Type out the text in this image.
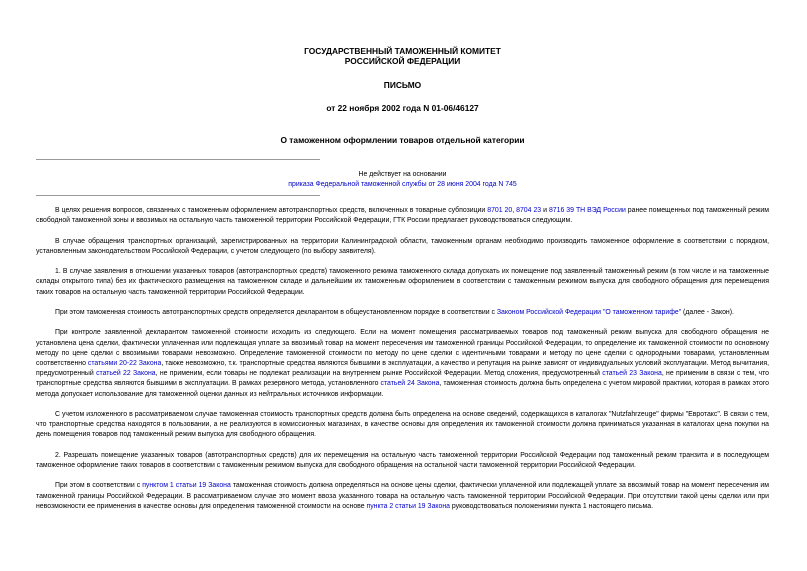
ГОСУДАРСТВЕННЫЙ ТАМОЖЕННЫЙ КОМИТЕТ
РОССИЙСКОЙ ФЕДЕРАЦИИ
ПИСЬМО
от 22 ноября 2002 года N 01-06/46127
О таможенном оформлении товаров отдельной категории
Не действует на основании
приказа Федеральной таможенной службы от 28 июня 2004 года N 745

В целях решения вопросов, связанных с таможенным оформлением автотранспортных средств, включенных в товарные субпозиции 8701 20, 8704 23 и 8716 39 ТН ВЭД России ранее помещенных под таможенный режим свободной таможенной зоны и ввозимых на остальную часть таможенной территории Российской Федерации, ГТК России предлагает руководствоваться следующим.

В случае обращения транспортных организаций, зарегистрированных на территории Калининградской области, таможенным органам необходимо производить таможенное оформление в соответствии с порядком, установленным законодательством Российской Федерации, с учетом следующего (по выбору заявителя).

1. В случае заявления в отношении указанных товаров (автотранспортных средств) таможенного режима таможенного склада допускать их помещение под заявленный таможенный режим (в том числе и на таможенные склады открытого типа) без их фактического размещения на таможенном складе и дальнейшим их таможенным оформлением в соответствии с таможенным режимом выпуска для свободного обращения для перемещения таких товаров на остальную часть таможенной территории Российской Федерации.

При этом таможенная стоимость автотранспортных средств определяется декларантом в общеустановленном порядке в соответствии с Законом Российской Федерации "О таможенном тарифе" (далее - Закон).

При контроле заявленной декларантом таможенной стоимости исходить из следующего. Если на момент помещения рассматриваемых товаров под таможенный режим выпуска для свободного обращения не установлена цена сделки, фактически уплаченная или подлежащая уплате за ввозимый товар на момент пересечения им таможенной границы Российской Федерации, то определение их таможенной стоимости по основному методу по цене сделки с ввозимыми товарами невозможно. Определение таможенной стоимости по методу по цене сделки с идентичными товарами и методу по цене сделки с однородными товарами, установленным соответственно статьями 20-22 Закона, также невозможно, т.к. транспортные средства являются бывшими в эксплуатации, а качество и репутация на рынке зависят от индивидуальных условий эксплуатации. Метод вычитания, предусмотренный статьей 22 Закона, не применим, если товары не подлежат реализации на внутреннем рынке Российской Федерации. Метод сложения, предусмотренный статьей 23 Закона, не применим в связи с тем, что транспортные средства являются бывшими в эксплуатации. В рамках резервного метода, установленного статьей 24 Закона, таможенная стоимость должна быть определена с учетом мировой практики, которая в рамках этого метода допускает использование для таможенной оценки данных из нейтральных источников информации.

С учетом изложенного в рассматриваемом случае таможенная стоимость транспортных средств должна быть определена на основе сведений, содержащихся в каталогах "Nutzfahrzeuge" фирмы "Евротакс". В связи с тем, что транспортные средства находятся в пользовании, а не реализуются в комиссионных магазинах, в качестве основы для определения их таможенной стоимости должна приниматься указанная в каталогах цена покупки на день помещения товаров под таможенный режим выпуска для свободного обращения.

2. Разрешать помещение указанных товаров (автотранспортных средств) для их перемещения на остальную часть таможенной территории Российской Федерации под таможенный режим транзита и в последующем таможенное оформление таких товаров в соответствии с таможенным режимом выпуска для свободного обращения на остальной части таможенной территории Российской Федерации.

При этом в соответствии с пунктом 1 статьи 19 Закона таможенная стоимость должна определяться на основе цены сделки, фактически уплаченной или подлежащей уплате за ввозимый товар на момент пересечения им таможенной границы Российской Федерации. В рассматриваемом случае это момент ввоза указанного товара на остальную часть таможенной территории Российской Федерации. При отсутствии такой цены сделки или при невозможности ее применения в качестве основы для определения таможенной стоимости на основе пункта 2 статьи 19 Закона руководствоваться положениями пункта 1 настоящего письма.
